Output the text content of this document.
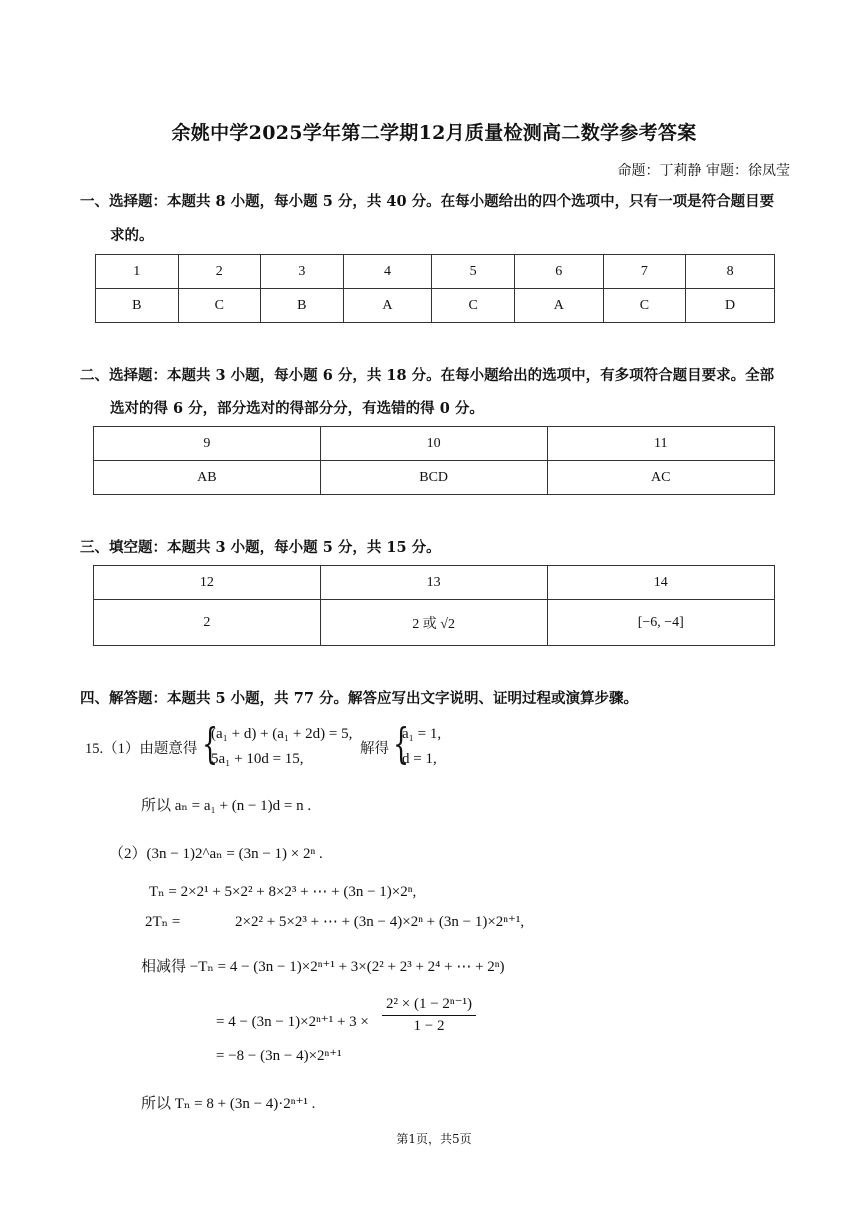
余姚中学2025学年第二学期12月质量检测高二数学参考答案
命题：丁莉静 审题：徐凤莹
一、选择题：本题共 8 小题，每小题 5 分，共 40 分。在每小题给出的四个选项中，只有一项是符合题目要
求的。
1	2	3	4	5	6	7	8
B	C	B	A	C	A	C	D
二、选择题：本题共 3 小题，每小题 6 分，共 18 分。在每小题给出的选项中，有多项符合题目要求。全部
选对的得 6 分，部分选对的得部分分，有选错的得 0 分。
9	10	11
AB	BCD	AC
三、填空题：本题共 3 小题，每小题 5 分，共 15 分。
12	13	14
2	2 或 √2	[−6, −4]
四、解答题：本题共 5 小题，共 77 分。解答应写出文字说明、证明过程或演算步骤。
15.（1）由题意得 {
(a₁ + d) + (a₁ + 2d) = 5,
5a₁ + 10d = 15,
解得 {
a₁ = 1,
d = 1,
所以 aₙ = a₁ + (n − 1)d = n .
（2）(3n − 1)2^aₙ = (3n − 1) × 2ⁿ .
Tₙ = 2×2¹ + 5×2² + 8×2³ + ⋯ + (3n − 1)×2ⁿ,
2Tₙ =	2×2² + 5×2³ + ⋯ + (3n − 4)×2ⁿ + (3n − 1)×2ⁿ⁺¹,
相减得 −Tₙ = 4 − (3n − 1)×2ⁿ⁺¹ + 3×(2² + 2³ + 2⁴ + ⋯ + 2ⁿ)
= $4 - (3n - 1)\times 2^{n+1} + 3 \times \frac{\text{2² × (1 − 2ⁿ⁻¹)}}{1 - 2}$
= −8 − (3n − 4)×2ⁿ⁺¹
所以 Tₙ = 8 + (3n − 4)·2ⁿ⁺¹ .
第1页，共5页
